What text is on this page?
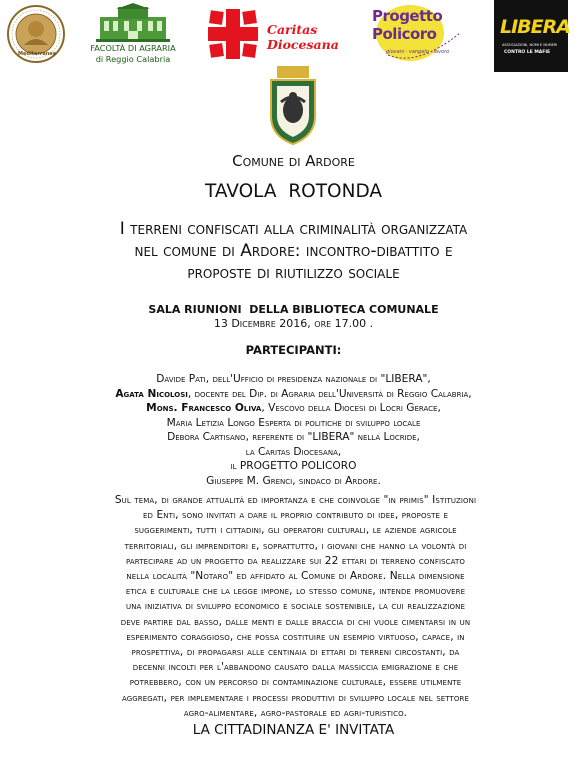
Mediterranea
FACOLTÀ DI AGRARIA
di Reggio Calabria
Caritas
Diocesana
Progetto
Policoro
giovani · vangelo · lavoro
LIBERA
ASSOCIAZIONI, NOMI E NUMERI
CONTRO LE MAFIE
Comune di Ardore
TAVOLA  ROTONDA
I terreni confiscati alla criminalità organizzata
nel comune di Ardore: incontro-dibattito e
proposte di riutilizzo sociale
SALA RIUNIONI  DELLA BIBLIOTECA COMUNALE
13 Dicembre 2016, ore 17.00 .
PARTECIPANTI:
Davide Pati, dell'Ufficio di presidenza nazionale di "LIBERA",
Agata Nicolosi, docente del Dip. di Agraria dell'Università di Reggio Calabria,
Mons. Francesco Oliva, Vescovo della Diocesi di Locri Gerace,
Maria Letizia Longo Esperta di politiche di sviluppo locale
Debora Cartisano, referente di "LIBERA" nella Locride,
la Caritas Diocesana,
il PROGETTO POLICORO
Giuseppe M. Grenci, sindaco di Ardore.
Sul tema, di grande attualità ed importanza e che coinvolge "in primis" Istituzioni
ed Enti, sono invitati a dare il proprio contributo di idee, proposte e
suggerimenti, tutti i cittadini, gli operatori culturali, le aziende agricole
territoriali, gli imprenditori e, soprattutto, i giovani che hanno la volontà di
partecipare ad un progetto da realizzare sui 22 ettari di terreno confiscato
nella località "Notaro" ed affidato al Comune di Ardore. Nella dimensione
etica e culturale che la legge impone, lo stesso comune, intende promuovere
una iniziativa di sviluppo economico e sociale sostenibile, la cui realizzazione
deve partire dal basso, dalle menti e dalle braccia di chi vuole cimentarsi in un
esperimento coraggioso, che possa costituire un esempio virtuoso, capace, in
prospettiva, di propagarsi alle centinaia di ettari di terreni circostanti, da
decenni incolti per l'abbandono causato dalla massiccia emigrazione e che
potrebbero, con un percorso di contaminazione culturale, essere utilmente
aggregati, per implementare i processi produttivi di sviluppo locale nel settore
agro-alimentare, agro-pastorale ed agri-turistico.
LA CITTADINANZA E' INVITATA
